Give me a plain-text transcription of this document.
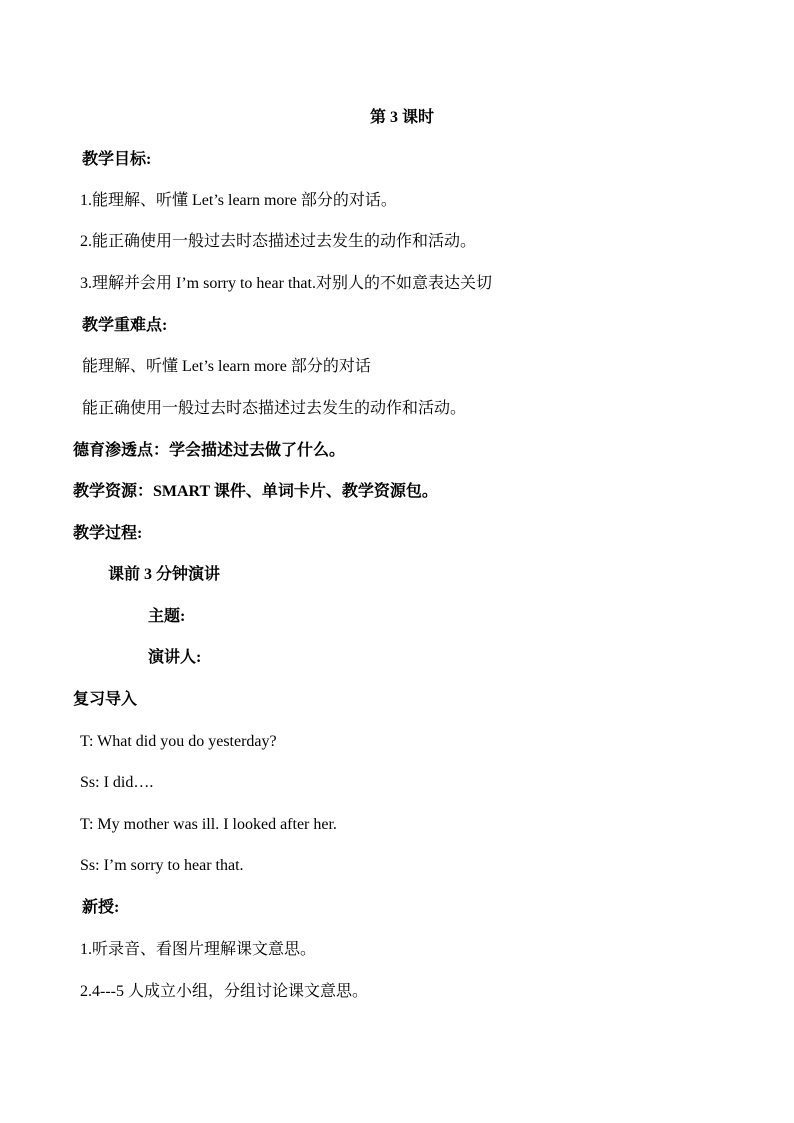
第 3 课时
教学目标:
1.能理解、听懂 Let’s learn more 部分的对话。
2.能正确使用一般过去时态描述过去发生的动作和活动。
3.理解并会用 I’m sorry to hear that.对别人的不如意表达关切
教学重难点:
能理解、听懂 Let’s learn more 部分的对话
能正确使用一般过去时态描述过去发生的动作和活动。
德育渗透点：学会描述过去做了什么。
教学资源：SMART 课件、单词卡片、教学资源包。
教学过程:
课前 3 分钟演讲
主题:
演讲人:
复习导入
T: What did you do yesterday?
Ss: I did….
T: My mother was ill. I looked after her.
Ss: I’m sorry to hear that.
新授:
1.听录音、看图片理解课文意思。
2.4---5 人成立小组，分组讨论课文意思。
